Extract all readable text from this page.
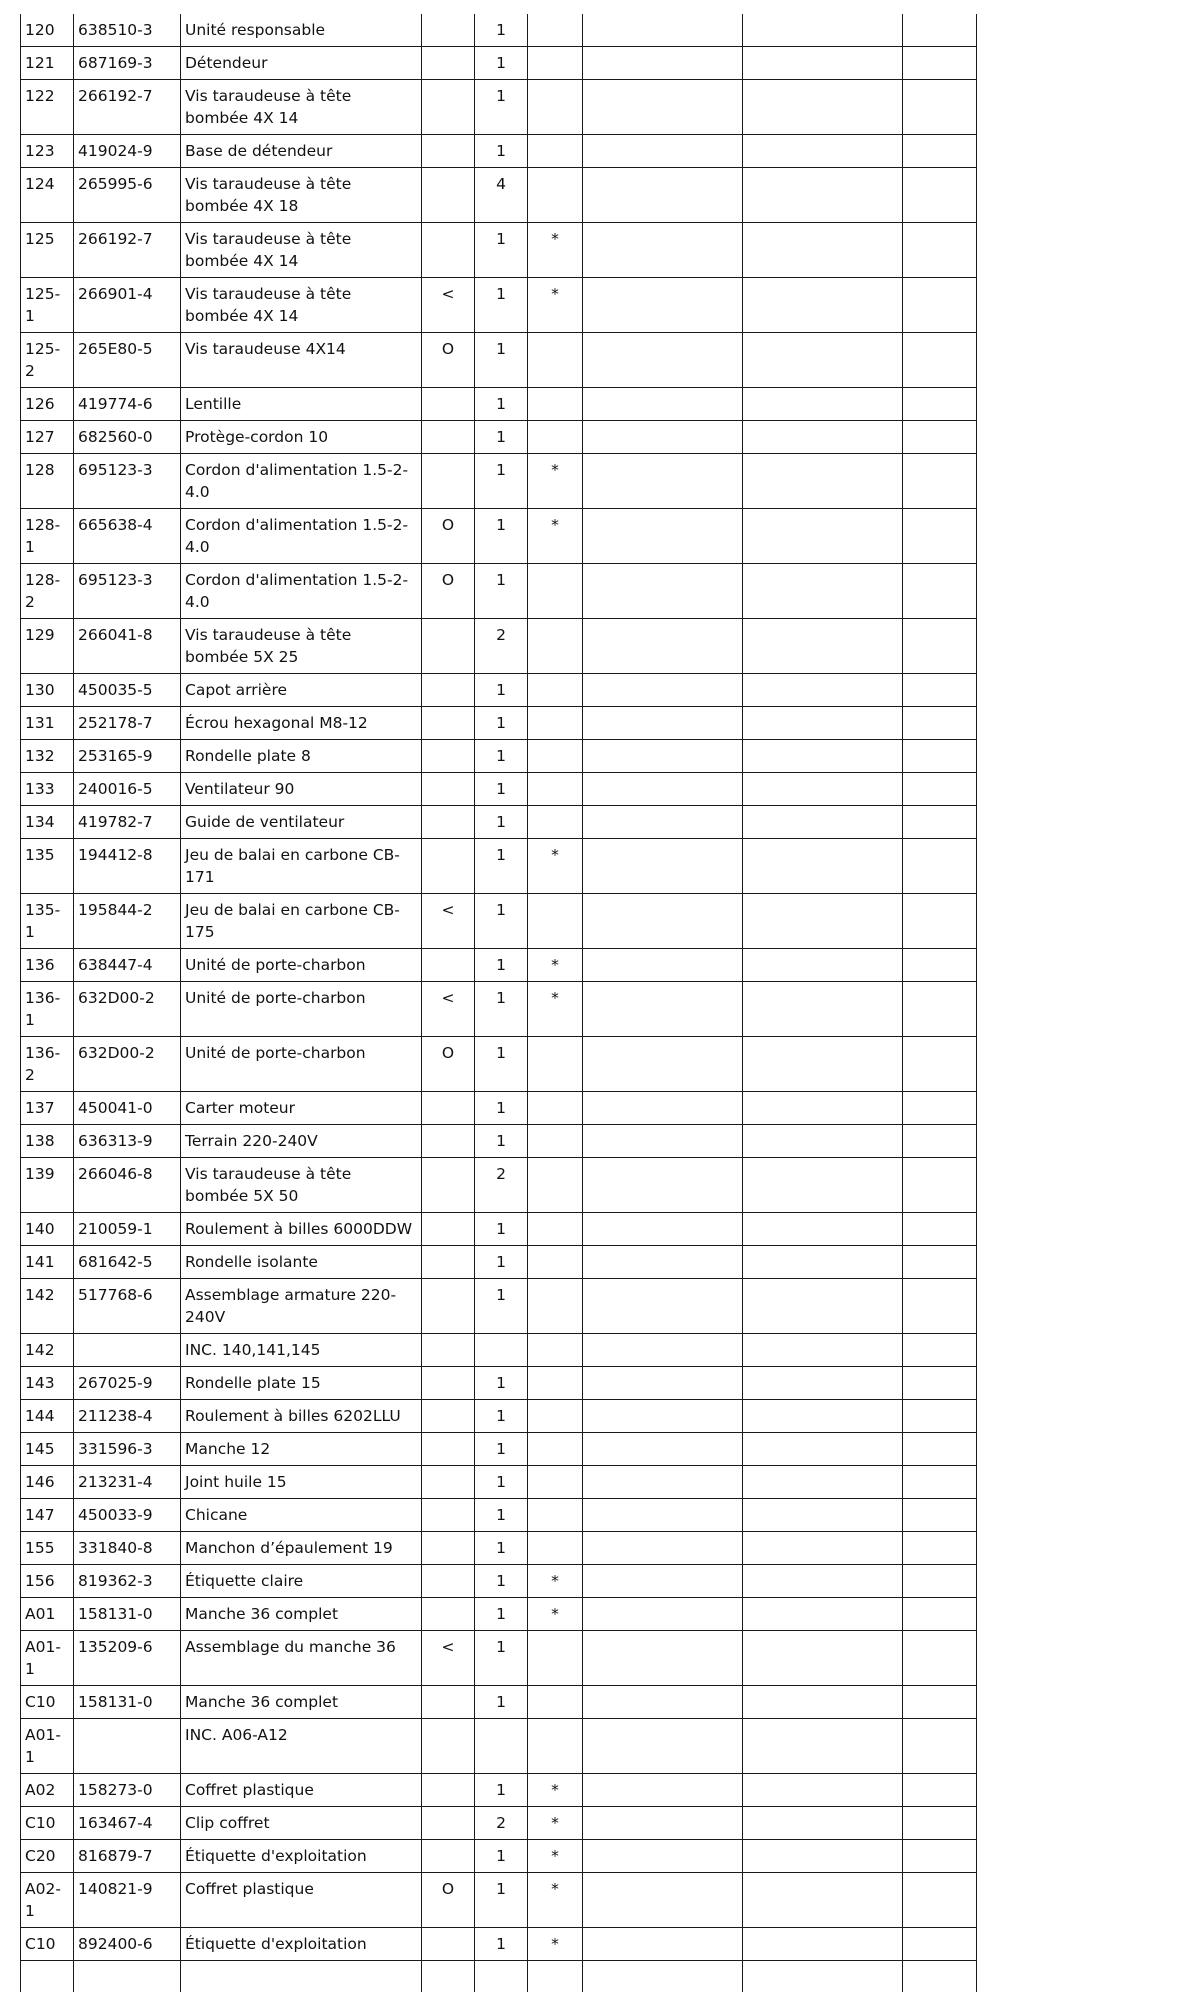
120	638510-3	Unité responsable		1				
121	687169-3	Détendeur		1				
122	266192-7	Vis taraudeuse à tête bombée 4X 14		1				
123	419024-9	Base de détendeur		1				
124	265995-6	Vis taraudeuse à tête bombée 4X 18		4				
125	266192-7	Vis taraudeuse à tête bombée 4X 14		1	*			
125-1	266901-4	Vis taraudeuse à tête bombée 4X 14	<	1	*			
125-2	265E80-5	Vis taraudeuse 4X14	O	1				
126	419774-6	Lentille		1				
127	682560-0	Protège-cordon 10		1				
128	695123-3	Cordon d'alimentation 1.5-2-4.0		1	*			
128-1	665638-4	Cordon d'alimentation 1.5-2-4.0	O	1	*			
128-2	695123-3	Cordon d'alimentation 1.5-2-4.0	O	1				
129	266041-8	Vis taraudeuse à tête bombée 5X 25		2				
130	450035-5	Capot arrière		1				
131	252178-7	Écrou hexagonal M8-12		1				
132	253165-9	Rondelle plate 8		1				
133	240016-5	Ventilateur 90		1				
134	419782-7	Guide de ventilateur		1				
135	194412-8	Jeu de balai en carbone CB-171		1	*			
135-1	195844-2	Jeu de balai en carbone CB-175	<	1				
136	638447-4	Unité de porte-charbon		1	*			
136-1	632D00-2	Unité de porte-charbon	<	1	*			
136-2	632D00-2	Unité de porte-charbon	O	1				
137	450041-0	Carter moteur		1				
138	636313-9	Terrain 220-240V		1				
139	266046-8	Vis taraudeuse à tête bombée 5X 50		2				
140	210059-1	Roulement à billes 6000DDW		1				
141	681642-5	Rondelle isolante		1				
142	517768-6	Assemblage armature 220-240V		1				
142		INC. 140,141,145						
143	267025-9	Rondelle plate 15		1				
144	211238-4	Roulement à billes 6202LLU		1				
145	331596-3	Manche 12		1				
146	213231-4	Joint huile 15		1				
147	450033-9	Chicane		1				
155	331840-8	Manchon d’épaulement 19		1				
156	819362-3	Étiquette claire		1	*			
A01	158131-0	Manche 36 complet		1	*			
A01-1	135209-6	Assemblage du manche 36	<	1				
C10	158131-0	Manche 36 complet		1				
A01-1		INC. A06-A12						
A02	158273-0	Coffret plastique		1	*			
C10	163467-4	Clip coffret		2	*			
C20	816879-7	Étiquette d'exploitation		1	*			
A02-1	140821-9	Coffret plastique	O	1	*			
C10	892400-6	Étiquette d'exploitation		1	*			
